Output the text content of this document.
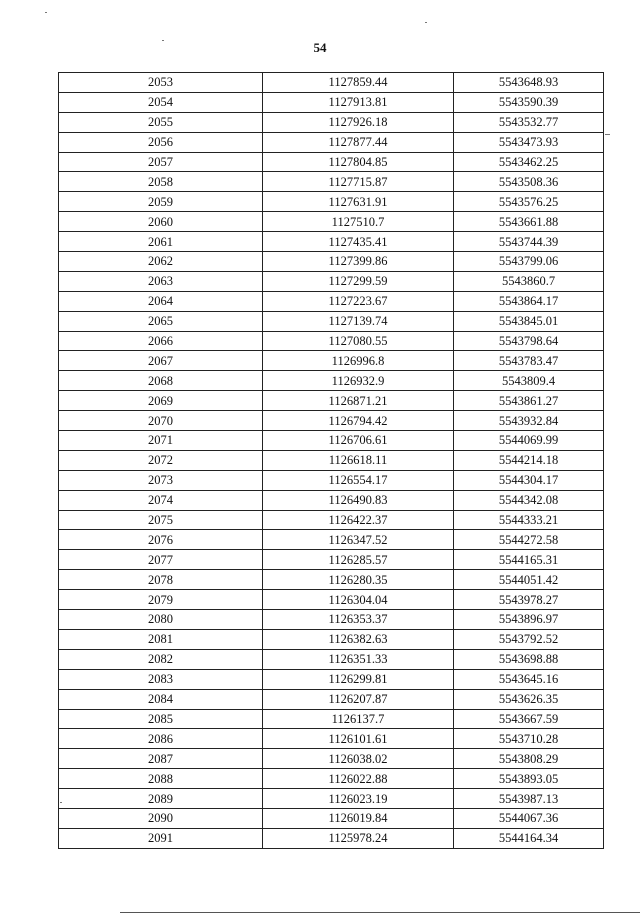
54
2053	1127859.44	5543648.93
2054	1127913.81	5543590.39
2055	1127926.18	5543532.77
2056	1127877.44	5543473.93
2057	1127804.85	5543462.25
2058	1127715.87	5543508.36
2059	1127631.91	5543576.25
2060	1127510.7	5543661.88
2061	1127435.41	5543744.39
2062	1127399.86	5543799.06
2063	1127299.59	5543860.7
2064	1127223.67	5543864.17
2065	1127139.74	5543845.01
2066	1127080.55	5543798.64
2067	1126996.8	5543783.47
2068	1126932.9	5543809.4
2069	1126871.21	5543861.27
2070	1126794.42	5543932.84
2071	1126706.61	5544069.99
2072	1126618.11	5544214.18
2073	1126554.17	5544304.17
2074	1126490.83	5544342.08
2075	1126422.37	5544333.21
2076	1126347.52	5544272.58
2077	1126285.57	5544165.31
2078	1126280.35	5544051.42
2079	1126304.04	5543978.27
2080	1126353.37	5543896.97
2081	1126382.63	5543792.52
2082	1126351.33	5543698.88
2083	1126299.81	5543645.16
2084	1126207.87	5543626.35
2085	1126137.7	5543667.59
2086	1126101.61	5543710.28
2087	1126038.02	5543808.29
2088	1126022.88	5543893.05
2089	1126023.19	5543987.13
2090	1126019.84	5544067.36
2091	1125978.24	5544164.34
